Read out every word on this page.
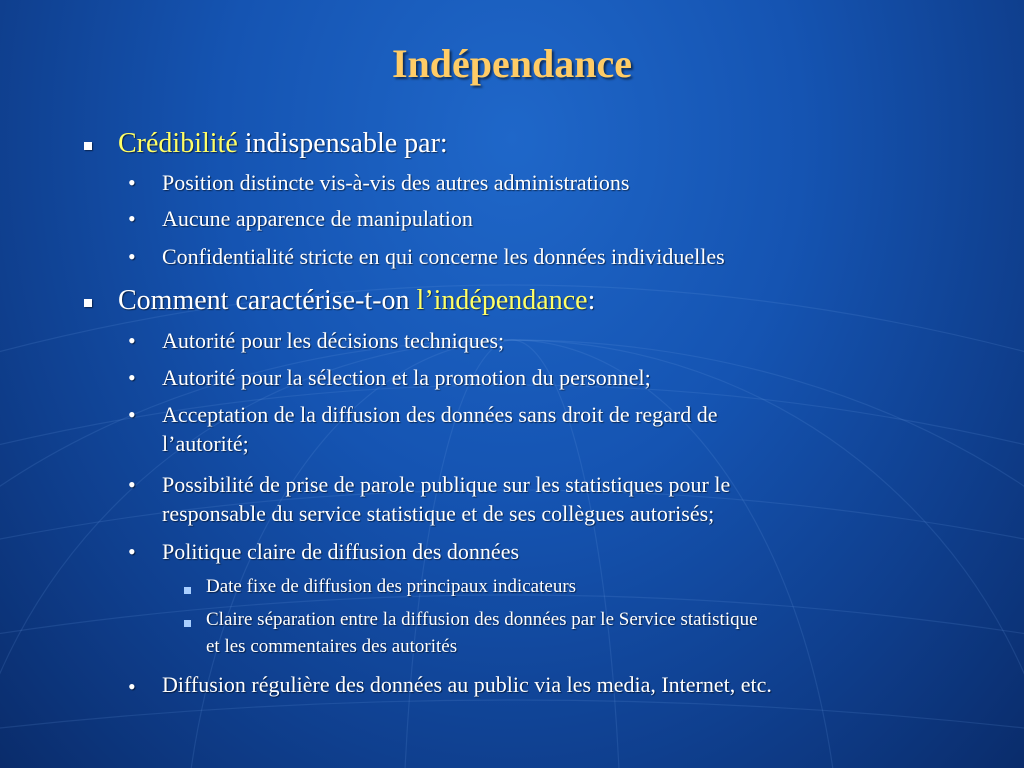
Indépendance
Crédibilité indispensable par:
• Position distincte vis-à-vis des autres administrations
• Aucune apparence de manipulation
• Confidentialité stricte en qui concerne les données individuelles
Comment caractérise-t-on l’indépendance:
• Autorité pour les décisions techniques;
• Autorité pour la sélection et la promotion du personnel;
• Acceptation de la diffusion des données sans droit de regard de
l’autorité;
• Possibilité de prise de parole publique sur les statistiques pour le
responsable du service statistique et de ses collègues autorisés;
• Politique claire de diffusion des données
Date fixe de diffusion des principaux indicateurs
Claire séparation entre la diffusion des données par le Service statistique
et les commentaires des autorités
• Diffusion régulière des données au public via les media, Internet, etc.
